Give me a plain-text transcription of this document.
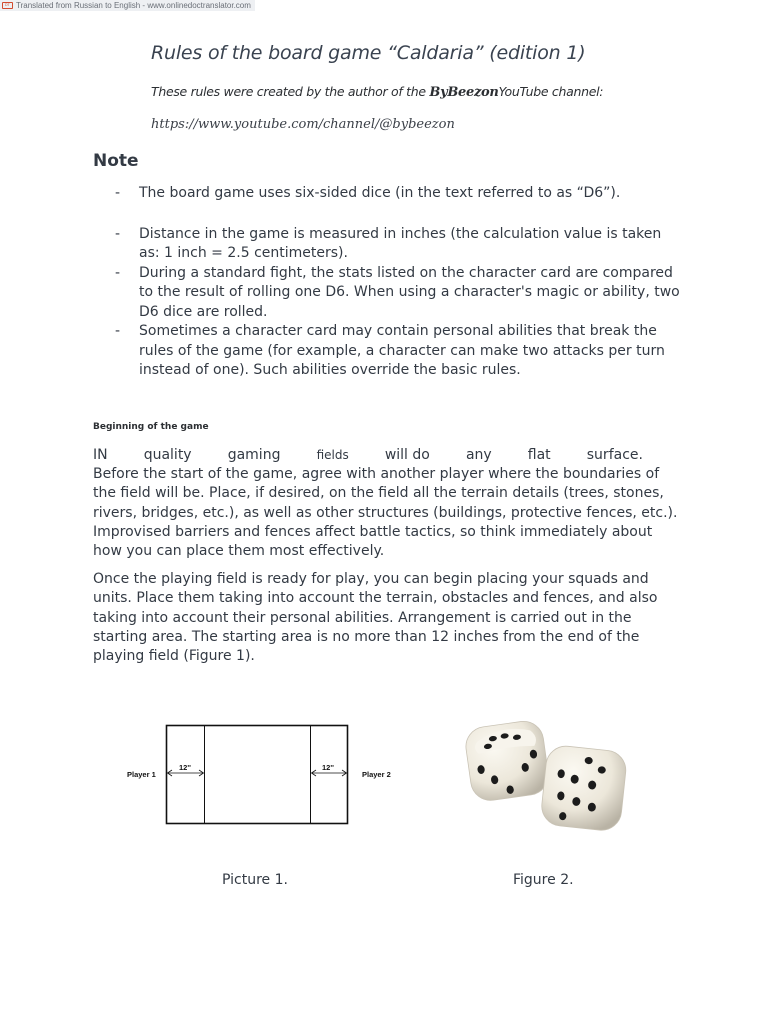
ᴰᵀ Translated from Russian to English - www.onlinedoctranslator.com
Rules of the board game “Caldaria” (edition 1)
These rules were created by the author of the ByBeezonYouTube channel:
https://www.youtube.com/channel/@bybeezon
Note
- The board game uses six-sided dice (in the text referred to as “D6”).
- Distance in the game is measured in inches (the calculation value is taken as: 1 inch = 2.5 centimeters).
- During a standard fight, the stats listed on the character card are compared to the result of rolling one D6. When using a character's magic or ability, two D6 dice are rolled.
- Sometimes a character card may contain personal abilities that break the rules of the game (for example, a character can make two attacks per turn instead of one). Such abilities override the basic rules.
Beginning of the game
IN	quality	gaming	fields	will do	any	flat	surface.
Before the start of the game, agree with another player where the boundaries of the field will be. Place, if desired, on the field all the terrain details (trees, stones, rivers, bridges, etc.), as well as other structures (buildings, protective fences, etc.). Improvised barriers and fences affect battle tactics, so think immediately about how you can place them most effectively.
Once the playing field is ready for play, you can begin placing your squads and units. Place them taking into account the terrain, obstacles and fences, and also taking into account their personal abilities. Arrangement is carried out in the starting area. The starting area is no more than 12 inches from the end of the playing field (Figure 1).
Player 1	Player 2
12''	12''
Picture 1.	Figure 2.
